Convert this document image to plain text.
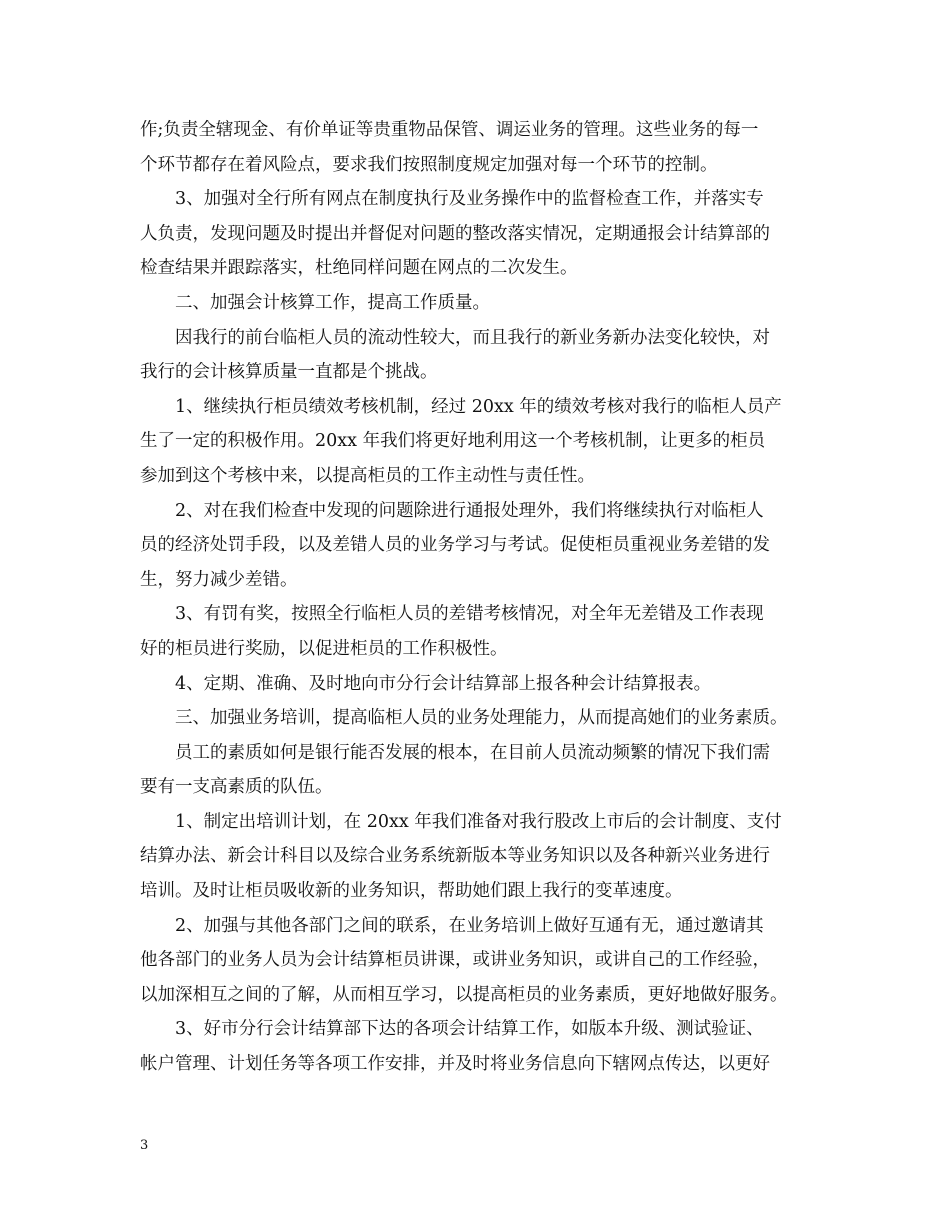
作;负责全辖现金、有价单证等贵重物品保管、调运业务的管理。这些业务的每一
个环节都存在着风险点，要求我们按照制度规定加强对每一个环节的控制。
3、加强对全行所有网点在制度执行及业务操作中的监督检查工作，并落实专
人负责，发现问题及时提出并督促对问题的整改落实情况，定期通报会计结算部的
检查结果并跟踪落实，杜绝同样问题在网点的二次发生。
二、加强会计核算工作，提高工作质量。
因我行的前台临柜人员的流动性较大，而且我行的新业务新办法变化较快，对
我行的会计核算质量一直都是个挑战。
1、继续执行柜员绩效考核机制，经过 20xx 年的绩效考核对我行的临柜人员产
生了一定的积极作用。20xx 年我们将更好地利用这一个考核机制，让更多的柜员
参加到这个考核中来，以提高柜员的工作主动性与责任性。
2、对在我们检查中发现的问题除进行通报处理外，我们将继续执行对临柜人
员的经济处罚手段，以及差错人员的业务学习与考试。促使柜员重视业务差错的发
生，努力减少差错。
3、有罚有奖，按照全行临柜人员的差错考核情况，对全年无差错及工作表现
好的柜员进行奖励，以促进柜员的工作积极性。
4、定期、准确、及时地向市分行会计结算部上报各种会计结算报表。
三、加强业务培训，提高临柜人员的业务处理能力，从而提高她们的业务素质。
员工的素质如何是银行能否发展的根本，在目前人员流动频繁的情况下我们需
要有一支高素质的队伍。
1、制定出培训计划，在 20xx 年我们准备对我行股改上市后的会计制度、支付
结算办法、新会计科目以及综合业务系统新版本等业务知识以及各种新兴业务进行
培训。及时让柜员吸收新的业务知识，帮助她们跟上我行的变革速度。
2、加强与其他各部门之间的联系，在业务培训上做好互通有无，通过邀请其
他各部门的业务人员为会计结算柜员讲课，或讲业务知识，或讲自己的工作经验，
以加深相互之间的了解，从而相互学习，以提高柜员的业务素质，更好地做好服务。
3、好市分行会计结算部下达的各项会计结算工作，如版本升级、测试验证、
帐户管理、计划任务等各项工作安排，并及时将业务信息向下辖网点传达，以更好
3
